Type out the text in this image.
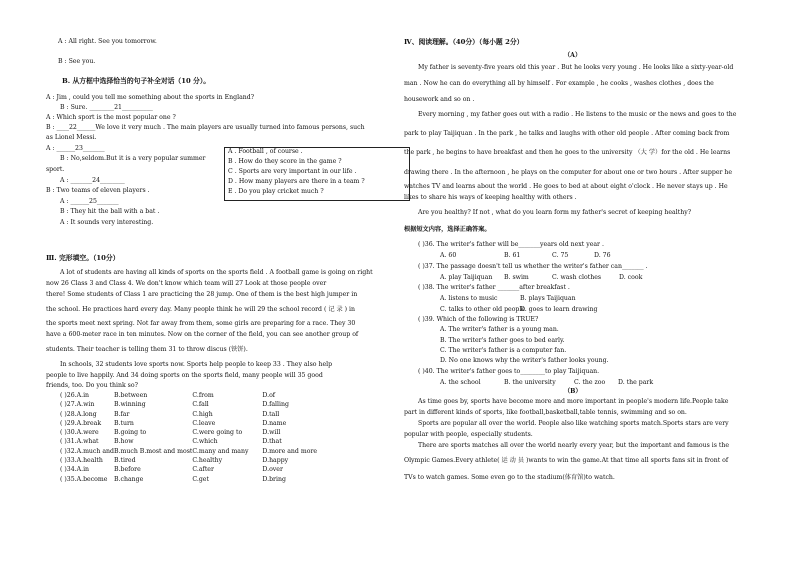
A : All right. See you tomorrow.
B : See you.
B. 从方框中选择恰当的句子补全对话（10 分）。
A : Jim , could you tell me something about the sports in England?
B : Sure. ________21__________
A : Which sport is the most popular one ?
B : ____22______We love it very much . The main players are usually turned into famous persons, such
as Lionel Messi.
A : ______23_______
B : No,seldom.But it is a very popular summer
sport.
A : _______24________
B : Two teams of eleven players .
A : ______25_______
B : They hit the ball with a bat .
A : It sounds very interesting.
A . Football , of course .
B . How do they score in the game ?
C . Sports are very important in our life .
D . How many players are there in a team ?
E . Do you play cricket much ?
Ⅲ. 完形填空。（10分）
A lot of students are having all kinds of sports on the sports field . A football game is going on right
now 26 Class 3 and Class 4. We don't know which team will 27 Look at those people over
there! Some students of Class 1 are practicing the 28 jump. One of them is the best high jumper in
the school. He practices hard every day. Many people think he will 29 the school record ( 记 录 ) in
the sports meet next spring. Not far away from them, some girls are preparing for a race. They 30
have a 600-meter race in ten minutes. Now on the corner of the field, you can see another group of
students. Their teacher is telling them 31 to throw discus (铁饼).
In schools, 32 students love sports now. Sports help people to keep 33 . They also help
people to live happily. And 34 doing sports on the sports field, many people will 35 good
friends, too. Do you think so?
( )26.A.in	B.between	C.from	D.of
( )27.A.win	B.winning	C.fall	D.falling
( )28.A.long	B.far	C.high	D.tall
( )29.A.break	B.turn	C.leave	D.name
( )30.A.were	B.going to	C.were going to	D.will
( )31.A.what	B.how	C.which	D.that
( )32.A.much and	B.much B.most and most	C.many and many	D.more and more
( )33.A.health	B.tired	C.healthy	D.happy
( )34.A.in	B.before	C.after	D.over
( )35.A.become	B.change	C.get	D.bring
Ⅳ、阅读理解。（40分）（每小题 2分）
（A）
My father is seventy-five years old this year . But he looks very young . He looks like a sixty-year-old
man . Now he can do everything all by himself . For example , he cooks , washes clothes , does the
housework and so on .
Every morning , my father goes out with a radio . He listens to the music or the news and goes to the
park to play Taijiquan . In the park , he talks and laughs with other old people . After coming back from
the park , he begins to have breakfast and then he goes to the university （大 学）for the old . He learns
drawing there . In the afternoon , he plays on the computer for about one or two hours . After supper he
watches TV and learns about the world . He goes to bed at about eight o'clock . He never stays up . He
likes to share his ways of keeping healthy with others .
Are you healthy? If not , what do you learn form my father's secret of keeping healthy?
根据短文内容，选择正确答案。
( )36. The writer's father will be_______years old next year .
A. 60	B. 61	C. 75	D. 76
( )37. The passage doesn't tell us whether the writer's father can_______ .
A. play Taijiquan B. swim	C. wash clothes	D. cook
( )38. The writer's father _______after breakfast .
A. listens to music	B. plays Taijiquan
C. talks to other old people
D. goes to learn drawing
( )39. Which of the following is TRUE?
A. The writer's father is a young man.
B. The writer's father goes to bed early.
C. The writer's father is a computer fan.
D. No one knows why the writer's father looks young.
( )40. The writer's father goes to________to play Taijiquan.
A. the school	B. the university	C. the zoo D. the park
（B）
As time goes by, sports have become more and more important in people's modern life.People take
part in different kinds of sports, like football,basketball,table tennis, swimming and so on.
Sports are popular all over the world. People also like watching sports match.Sports stars are very
popular with people, especially students.
There are sports matches all over the world nearly every year, but the important and famous is the
Olympic Games.Every athlete( 运 动 员 )wants to win the game.At that time all sports fans sit in front of
TVs to watch games. Some even go to the stadium(体育馆)to watch.
